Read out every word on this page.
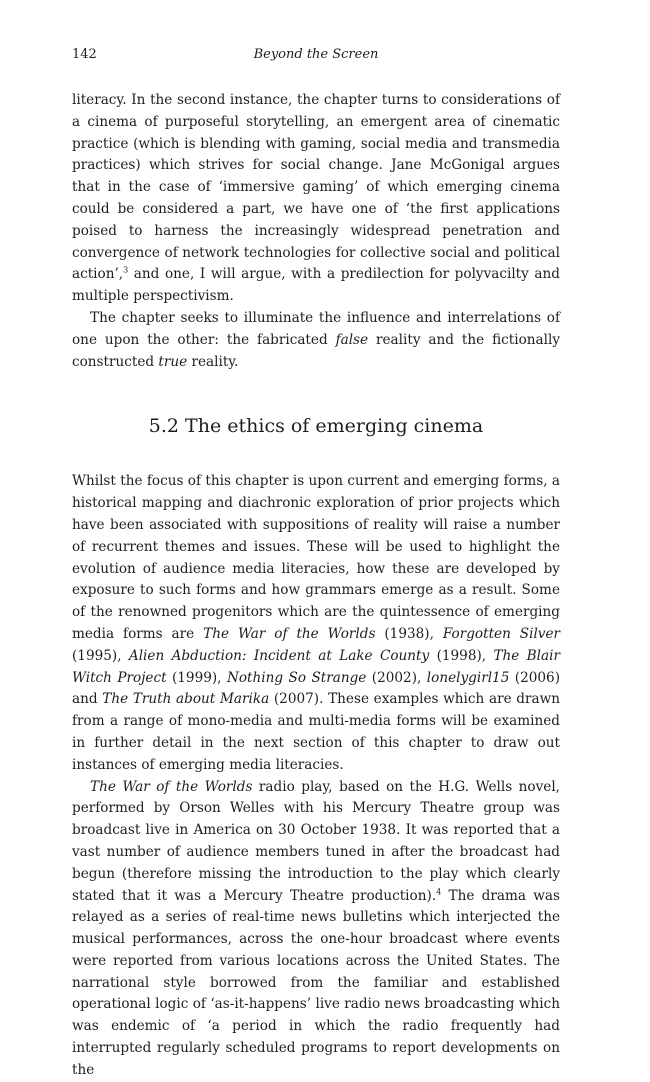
142	Beyond the Screen

literacy. In the second instance, the chapter turns to considerations of a cinema of purposeful storytelling, an emergent area of cinematic practice (which is blending with gaming, social media and transmedia practices) which strives for social change. Jane McGonigal argues that in the case of ‘immersive gaming’ of which emerging cinema could be considered a part, we have one of ‘the first applications poised to harness the increasingly widespread penetration and convergence of network technologies for collective social and political action’,$^3$ and one, I will argue, with a predilection for polyvacilty and multiple perspectivism.

The chapter seeks to illuminate the influence and interrelations of one upon the other: the fabricated false reality and the fictionally constructed true reality.

5.2 The ethics of emerging cinema

Whilst the focus of this chapter is upon current and emerging forms, a historical mapping and diachronic exploration of prior projects which have been associated with suppositions of reality will raise a number of recurrent themes and issues. These will be used to highlight the evolution of audience media literacies, how these are developed by exposure to such forms and how grammars emerge as a result. Some of the renowned progenitors which are the quintessence of emerging media forms are The War of the Worlds (1938), Forgotten Silver (1995), Alien Abduction: Incident at Lake County (1998), The Blair Witch Project (1999), Nothing So Strange (2002), lonelygirl15 (2006) and The Truth about Marika (2007). These examples which are drawn from a range of mono-media and multi-media forms will be examined in further detail in the next section of this chapter to draw out instances of emerging media literacies.

The War of the Worlds radio play, based on the H.G. Wells novel, performed by Orson Welles with his Mercury Theatre group was broadcast live in America on 30 October 1938. It was reported that a vast number of audience members tuned in after the broadcast had begun (therefore missing the introduction to the play which clearly stated that it was a Mercury Theatre production).$^4$ The drama was relayed as a series of real-time news bulletins which interjected the musical performances, across the one-hour broadcast where events were reported from various locations across the United States. The narrational style borrowed from the familiar and established operational logic of ‘as-it-happens’ live radio news broadcasting which was endemic of ‘a period in which the radio frequently had interrupted regularly scheduled programs to report developments on the
